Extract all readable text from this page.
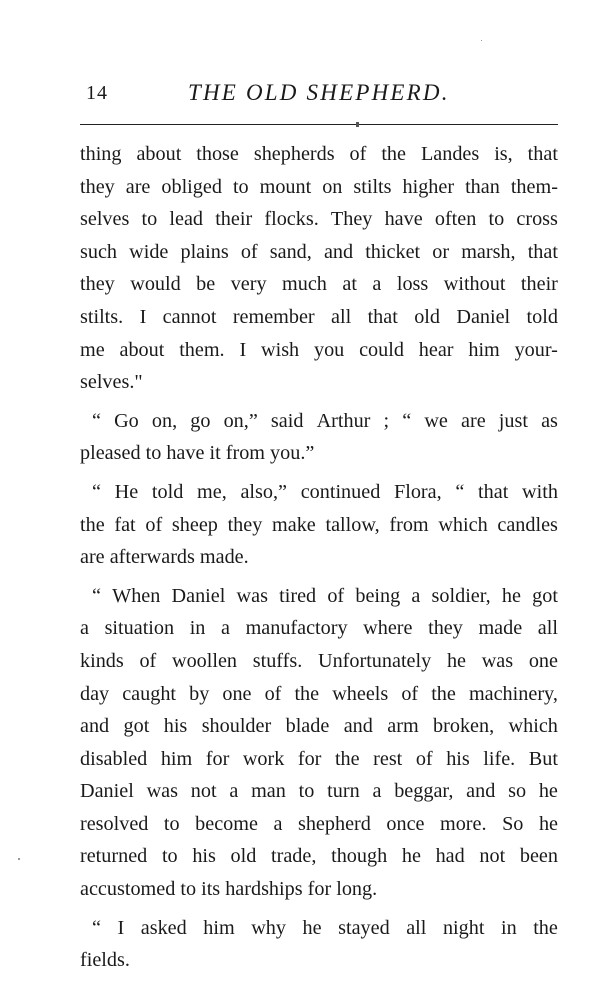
14	THE OLD SHEPHERD.
thing about those shepherds of the Landes is, that
they are obliged to mount on stilts higher than them-
selves to lead their flocks. They have often to cross
such wide plains of sand, and thicket or marsh, that
they would be very much at a loss without their
stilts. I cannot remember all that old Daniel told
me about them. I wish you could hear him your-
selves."
“ Go on, go on,” said Arthur ; “ we are just as
pleased to have it from you.”
“ He told me, also,” continued Flora, “ that with
the fat of sheep they make tallow, from which candles
are afterwards made.
“ When Daniel was tired of being a soldier, he got
a situation in a manufactory where they made all
kinds of woollen stuffs. Unfortunately he was one
day caught by one of the wheels of the machinery,
and got his shoulder blade and arm broken, which
disabled him for work for the rest of his life. But
Daniel was not a man to turn a beggar, and so he
resolved to become a shepherd once more. So he
returned to his old trade, though he had not been
accustomed to its hardships for long.
“ I asked him why he stayed all night in the
fields.
